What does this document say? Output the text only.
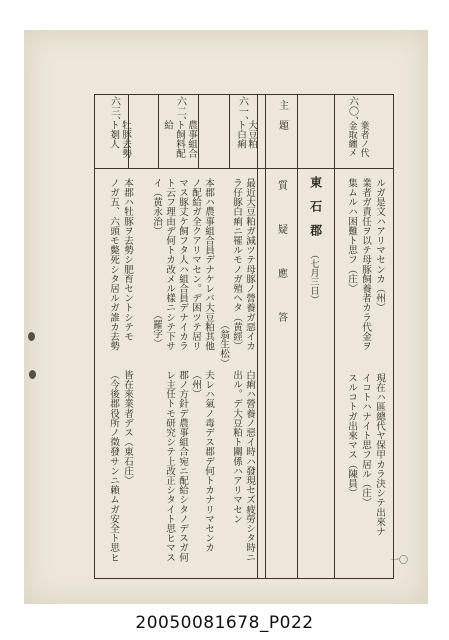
一〇
六〇、
業者ノ代
金取纏メ
ルガ是文ハアリマセンカ（州）
業者ガ責任ヲ以テ母豚飼養者カラ代金ヲ
集ムルハ困難ト思フ（庄）
現在ハ區總代ヤ保甲カラ決シテ出來ナ
イコトハナイト思フ居ル（庄）
スルコトガ出來マス（陳員）
東　石　郡
（七月三日）
主　題
質　疑　應　答
六一、
大豆粕
ト白痢
最近大豆粕ガ減ツテ母豚ノ營養ガ惡イカ
ラ仔豚白痢ニ罹ルモノガ殖ヘタ（黄經）
（翁生松）
白痢ハ營養ノ惡イ時ハ發現セズ疲勞シタ時ニ
出ル。デ大豆粕ト關係ハアリマセン
夫レハ氣ノ毒デス郡デ何トカナリマセンカ
（州）
六二、
農事組合
ト飼料配
給
本郡ハ農事組合員デナケレバ大豆粕其他
ノ配給ガ全クアリマセン。デ困ツテ居リ
マス豚丈ケ飼フタ人ハ組合員デナイカラ
ト云フ理由デ何トカ改メル樣ニシテ下サ
イ（黄永治）
（羅字）
郡ノ方針デ農事組合宛ニ配給シタノデスガ何
レ主任トモ研究シテ上改正シタイト思ヒマス
六三、
牡豚去勢
ト剗人
本郡ハ牡豚ヲ去勢シ肥育セントシテモ
ノガ五、六頭モ斃死シタ居ルガ誰カ去勢
皆在來業者デス（東石庄）
（今後郡役所ノ徵發サンニ賴ムガ安全ト思ヒ
20050081678_P022
